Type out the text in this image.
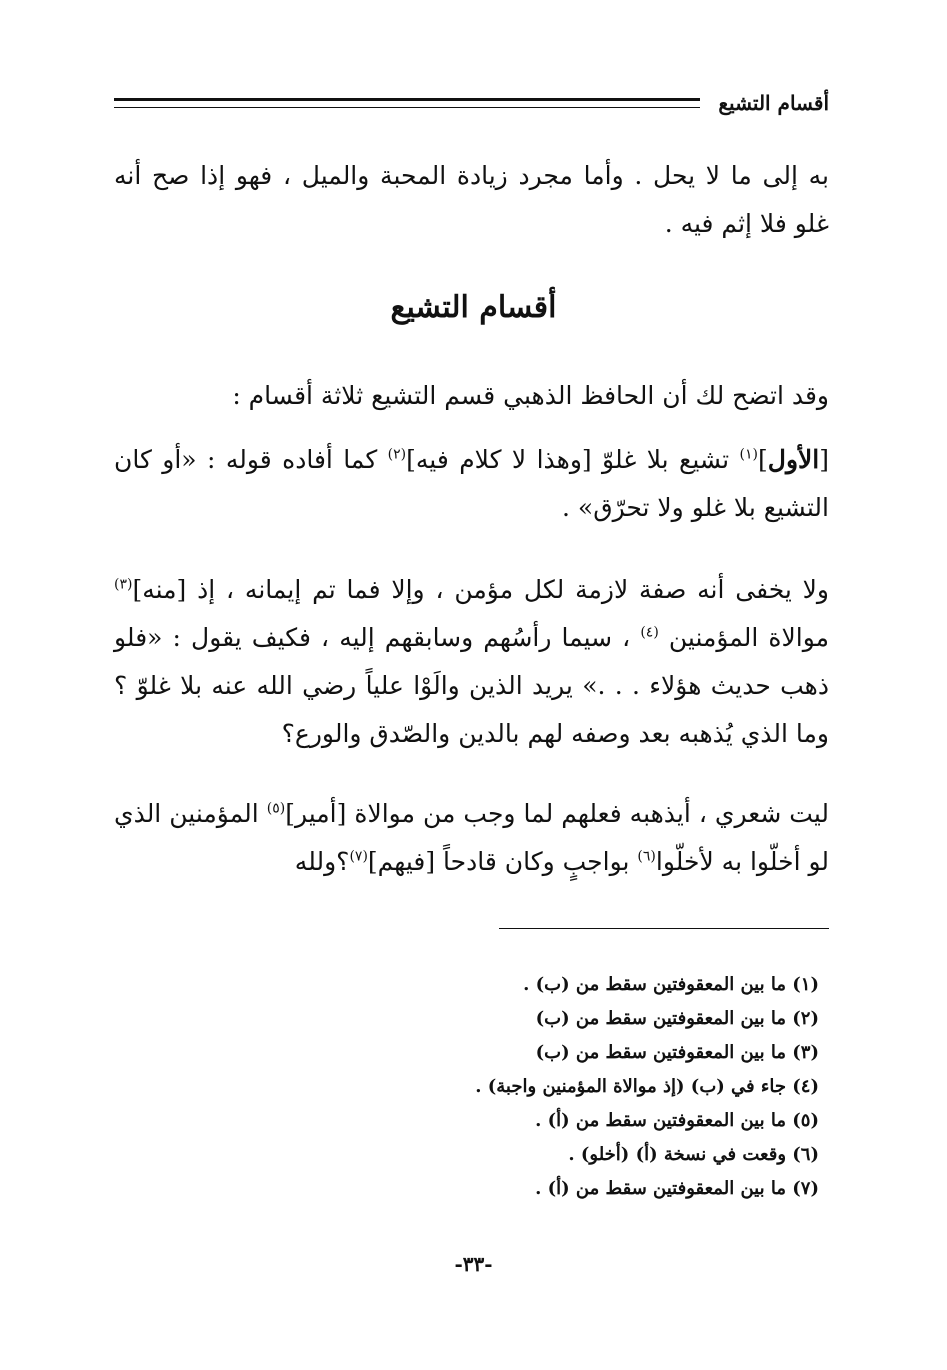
أقسام التشيع

به إلى ما لا يحل . وأما مجرد زيادة المحبة والميل ، فهو إذا صح أنه غلو فلا إثم فيه .

أقسام التشيع

وقد اتضح لك أن الحافظ الذهبي قسم التشيع ثلاثة أقسام :

[الأول]$^{(١)}$ تشيع بلا غلوّ [وهذا لا كلام فيه]$^{(٢)}$ كما أفاده قوله : «أو كان التشيع بلا غلو ولا تحرّق» .

ولا يخفى أنه صفة لازمة لكل مؤمن ، وإلا فما تم إيمانه ، إذ [منه]$^{(٣)}$ موالاة المؤمنين $^{(٤)}$ ، سيما رأسُهم وسابقهم إليه ، فكيف يقول : «فلو ذهب حديث هؤلاء . . .» يريد الذين والَوْا علياً رضي الله عنه بلا غلوّ ؟ وما الذي يُذهبه بعد وصفه لهم بالدين والصّدق والورع؟

ليت شعري ، أيذهبه فعلهم لما وجب من موالاة [أمير]$^{(٥)}$ المؤمنين الذي لو أخلّوا به لأخلّوا$^{(٦)}$ بواجبٍ وكان قادحاً [فيهم]$^{(٧)}$؟ولله

(١) ما بين المعقوفتين سقط من (ب) .
(٢) ما بين المعقوفتين سقط من (ب)
(٣) ما بين المعقوفتين سقط من (ب)
(٤) جاء في (ب) (إذ موالاة المؤمنين واجبة) .
(٥) ما بين المعقوفتين سقط من (أ) .
(٦) وقعت في نسخة (أ) (أخلو) .
(٧) ما بين المعقوفتين سقط من (أ) .
-٣٣-
